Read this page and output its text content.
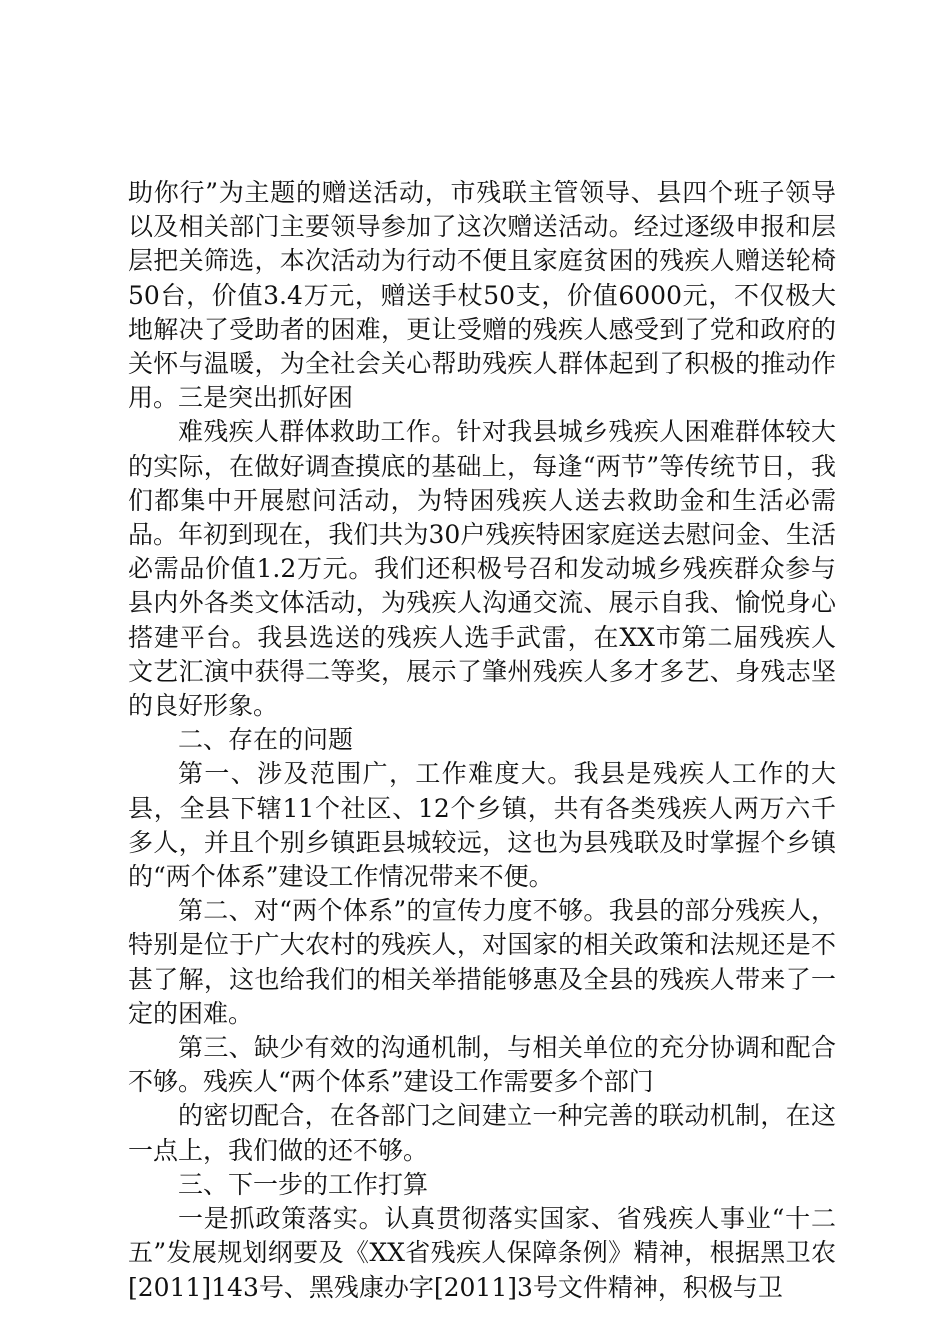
助你行”为主题的赠送活动，市残联主管领导、县四个班子领导以及相关部门主要领导参加了这次赠送活动。经过逐级申报和层层把关筛选，本次活动为行动不便且家庭贫困的残疾人赠送轮椅50台，价值3.4万元，赠送手杖50支，价值6000元，不仅极大地解决了受助者的困难，更让受赠的残疾人感受到了党和政府的关怀与温暖，为全社会关心帮助残疾人群体起到了积极的推动作用。三是突出抓好困

难残疾人群体救助工作。针对我县城乡残疾人困难群体较大的实际，在做好调查摸底的基础上，每逢“两节”等传统节日，我们都集中开展慰问活动，为特困残疾人送去救助金和生活必需品。年初到现在，我们共为30户残疾特困家庭送去慰问金、生活必需品价值1.2万元。我们还积极号召和发动城乡残疾群众参与县内外各类文体活动，为残疾人沟通交流、展示自我、愉悦身心搭建平台。我县选送的残疾人选手武雷，在XX市第二届残疾人文艺汇演中获得二等奖，展示了肇州残疾人多才多艺、身残志坚的良好形象。

二、存在的问题

第一、涉及范围广，工作难度大。我县是残疾人工作的大县，全县下辖11个社区、12个乡镇，共有各类残疾人两万六千多人，并且个别乡镇距县城较远，这也为县残联及时掌握个乡镇的“两个体系”建设工作情况带来不便。

第二、对“两个体系”的宣传力度不够。我县的部分残疾人，特别是位于广大农村的残疾人，对国家的相关政策和法规还是不甚了解，这也给我们的相关举措能够惠及全县的残疾人带来了一定的困难。

第三、缺少有效的沟通机制，与相关单位的充分协调和配合不够。残疾人“两个体系”建设工作需要多个部门

的密切配合，在各部门之间建立一种完善的联动机制，在这一点上，我们做的还不够。

三、下一步的工作打算

一是抓政策落实。认真贯彻落实国家、省残疾人事业“十二五”发展规划纲要及《XX省残疾人保障条例》精神，根据黑卫农[2011]143号、黑残康办字[2011]3号文件精神，积极与卫
